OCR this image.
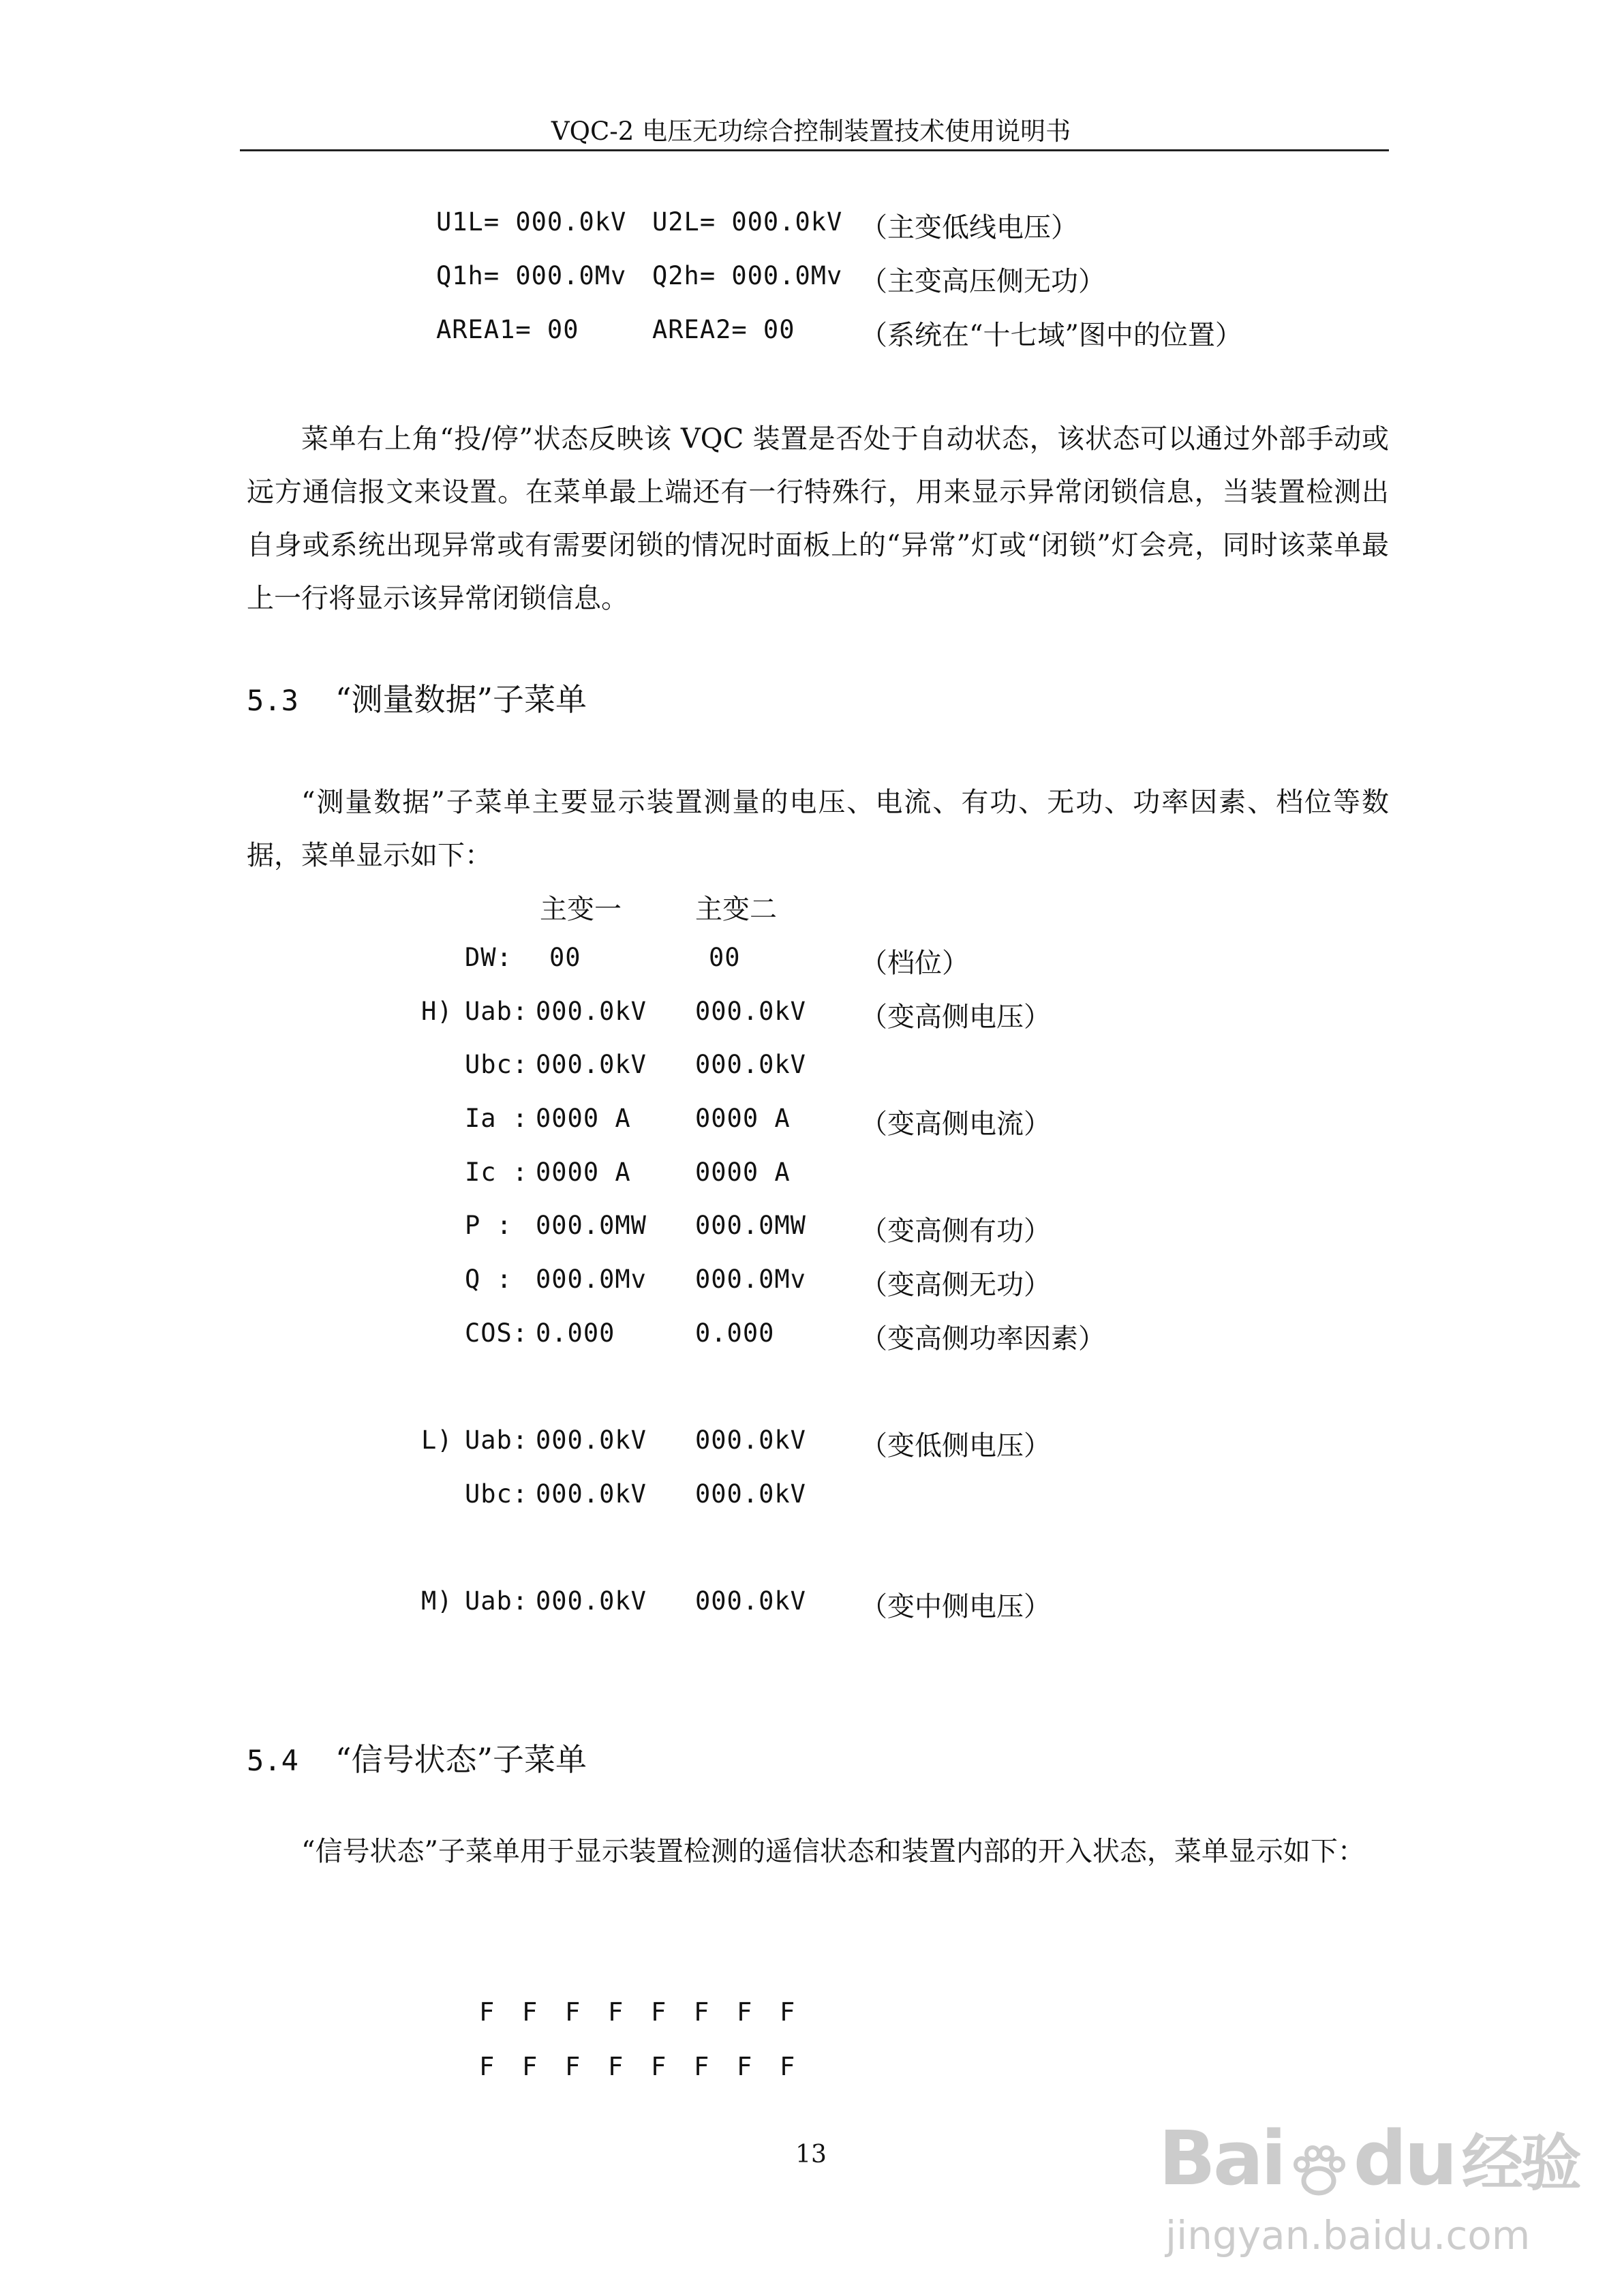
VQC-2 电压无功综合控制装置技术使用说明书
U1L= 000.0kV U2L= 000.0kV （主变低线电压）
Q1h= 000.0Mv Q2h= 000.0Mv （主变高压侧无功）
AREA1= 00	AREA2= 00 （系统在“十七域”图中的位置）

菜单右上角“投/停”状态反映该 VQC 装置是否处于自动状态，该状态可以通过外部手动或远方通信报文来设置。在菜单最上端还有一行特殊行，用来显示异常闭锁信息，当装置检测出自身或系统出现异常或有需要闭锁的情况时面板上的“异常”灯或“闭锁”灯会亮，同时该菜单最上一行将显示该异常闭锁信息。

5.3 “测量数据”子菜单

“测量数据”子菜单主要显示装置测量的电压、电流、有功、无功、功率因素、档位等数据，菜单显示如下：

主变一	主变二
DW: 00	00	（档位）
H) Uab: 000.0kV 000.0kV （变高侧电压）
Ubc: 000.0kV 000.0kV
Ia : 0000 A	0000 A	（变高侧电流）
Ic : 0000 A	0000 A
P : 000.0MW 000.0MW （变高侧有功）
Q : 000.0Mv 000.0Mv （变高侧无功）
COS: 0.000	0.000	（变高侧功率因素）
L) Uab: 000.0kV 000.0kV （变低侧电压）
Ubc: 000.0kV 000.0kV
M) Uab: 000.0kV 000.0kV （变中侧电压）
5.4 “信号状态”子菜单

“信号状态”子菜单用于显示装置检测的遥信状态和装置内部的开入状态，菜单显示如下：

F F F F F F F F
F F F F F F F F
13	Bai du 经验
jingyan.baidu.com
